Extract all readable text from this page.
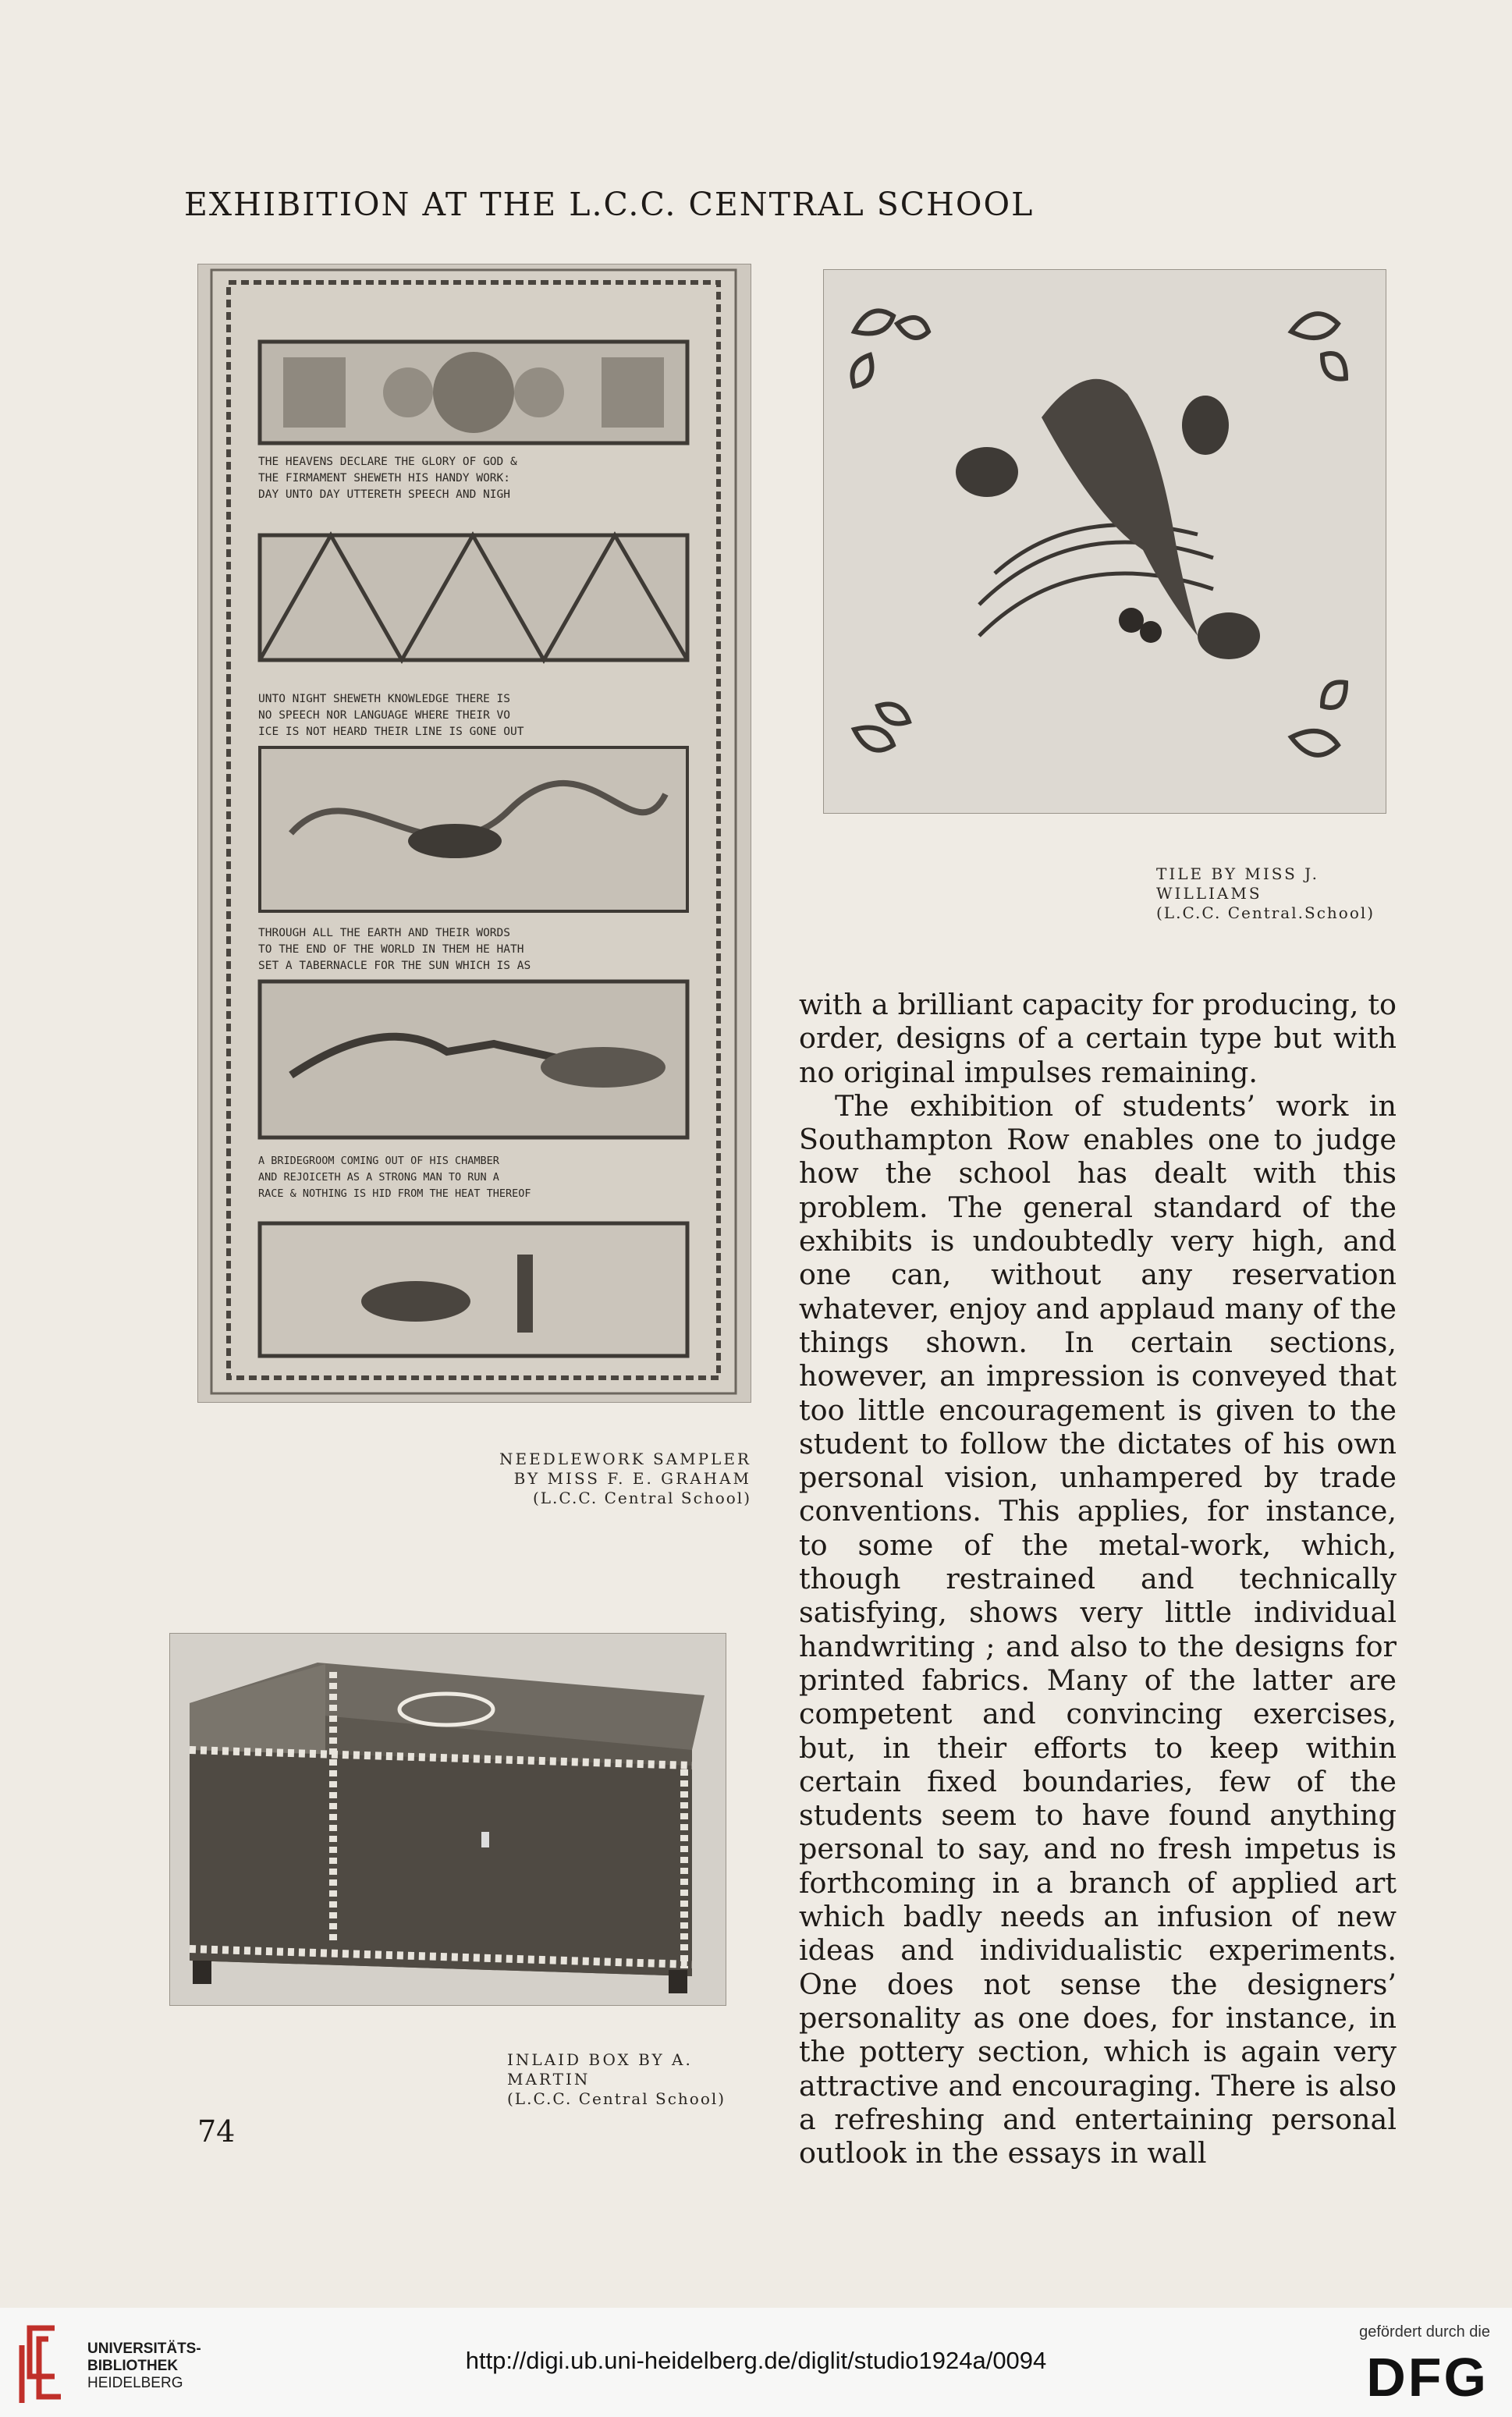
EXHIBITION AT THE L.C.C. CENTRAL SCHOOL
THE HEAVENS DECLARE THE GLORY OF GOD &
THE FIRMAMENT SHEWETH HIS HANDY WORK:
DAY UNTO DAY UTTERETH SPEECH AND NIGH
UNTO NIGHT SHEWETH KNOWLEDGE THERE IS
NO SPEECH NOR LANGUAGE WHERE THEIR VO
ICE IS NOT HEARD THEIR LINE IS GONE OUT
THROUGH ALL THE EARTH AND THEIR WORDS
TO THE END OF THE WORLD IN THEM HE HATH
SET A TABERNACLE FOR THE SUN WHICH IS AS
A BRIDEGROOM COMING OUT OF HIS CHAMBER
AND REJOICETH AS A STRONG MAN TO RUN A
RACE & NOTHING IS HID FROM THE HEAT THEREOF
NEEDLEWORK SAMPLER
BY MISS F. E. GRAHAM
(L.C.C. Central School)
TILE BY MISS J.
WILLIAMS
(L.C.C. Central.School)
INLAID BOX BY A.
MARTIN
(L.C.C. Central School)

with a brilliant capacity for producing, to order, designs of a certain type but with no original impulses remaining.

The exhibition of students’ work in Southampton Row enables one to judge how the school has dealt with this problem. The general standard of the exhibits is undoubtedly very high, and one can, without any reservation whatever, enjoy and applaud many of the things shown. In certain sections, however, an impression is conveyed that too little encouragement is given to the student to follow the dictates of his own personal vision, unhampered by trade conventions. This applies, for instance, to some of the metal-work, which, though restrained and technically satisfying, shows very little individual handwriting ; and also to the designs for printed fabrics. Many of the latter are competent and convincing exercises, but, in their efforts to keep within certain fixed boundaries, few of the students seem to have found anything personal to say, and no fresh impetus is forthcoming in a branch of applied art which badly needs an infusion of new ideas and individualistic experiments. One does not sense the designers’ personality as one does, for instance, in the pottery section, which is again very attractive and encouraging. There is also a refreshing and entertaining personal outlook in the essays in wall

74
UNIVERSITÄTS-
BIBLIOTHEK
HEIDELBERG
http://digi.ub.uni-heidelberg.de/diglit/studio1924a/0094
gefördert durch die
DFG
